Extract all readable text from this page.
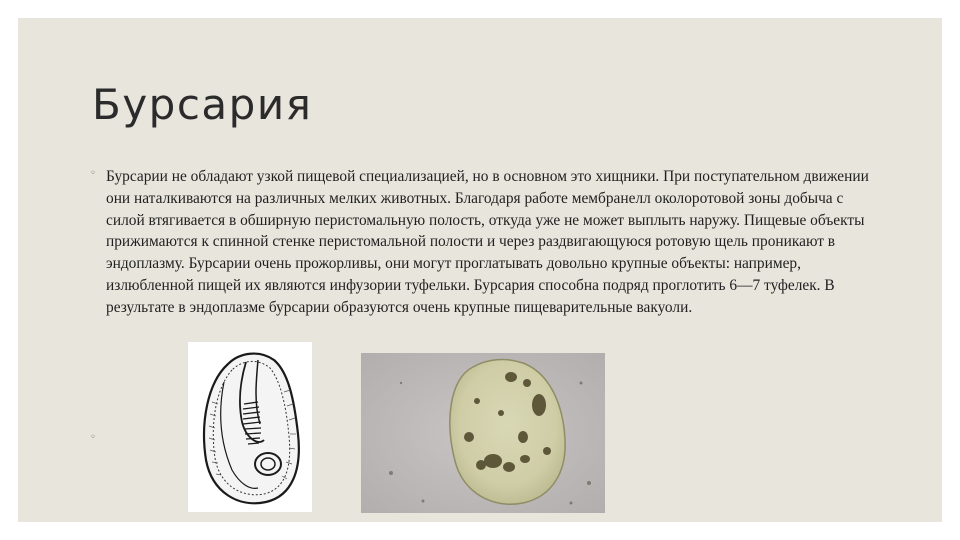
Бурсария
◦ Бурсарии не обладают узкой пищевой специализацией, но в основном это хищники. При поступательном движении они наталкиваются на различных мелких животных. Благодаря работе мембранелл околоротовой зоны добыча с силой втягивается в обширную перистомальную полость, откуда уже не может выплыть наружу. Пищевые объекты прижимаются к спинной стенке перистомальной полости и через раздвигающуюся ротовую щель проникают в эндоплазму. Бурсарии очень прожорливы, они могут проглатывать довольно крупные объекты: например, излюбленной пищей их являются инфузории туфельки. Бурсария способна подряд проглотить 6—7 туфелек. В результате в эндоплазме бурсарии образуются очень крупные пищеварительные вакуоли.

◦
